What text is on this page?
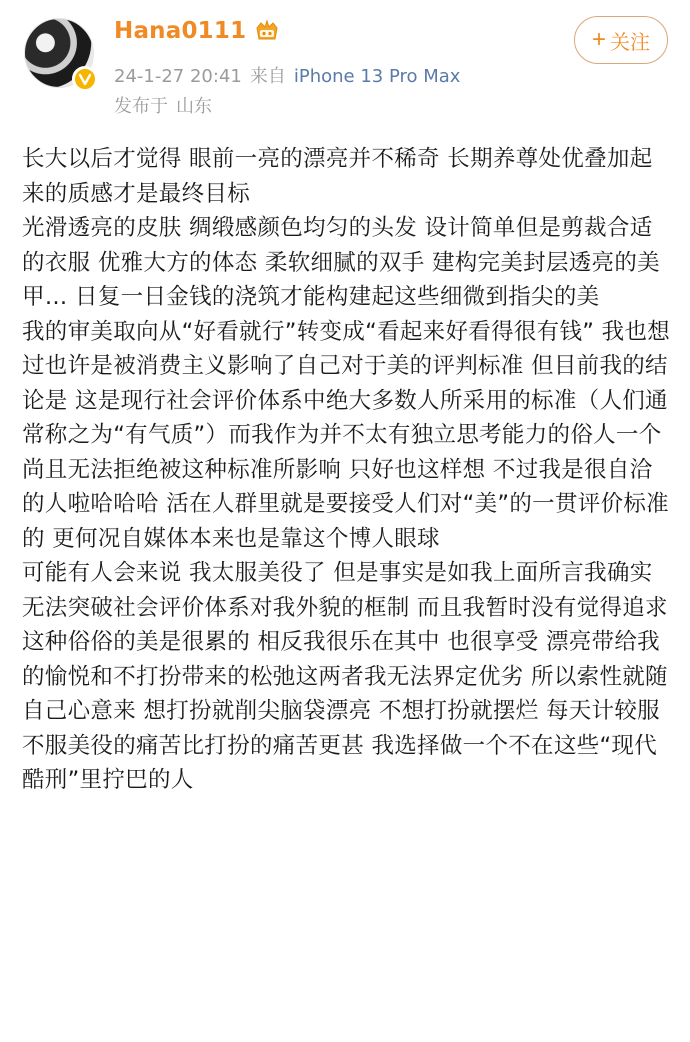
Hana0111
24-1-27 20:41 来自 iPhone 13 Pro Max
发布于 山东
+ 关注

长大以后才觉得 眼前一亮的漂亮并不稀奇 长期养尊处优叠加起来的质感才是最终目标

光滑透亮的皮肤 绸缎感颜色均匀的头发 设计简单但是剪裁合适的衣服 优雅大方的体态 柔软细腻的双手 建构完美封层透亮的美甲… 日复一日金钱的浇筑才能构建起这些细微到指尖的美

我的审美取向从“好看就行”转变成“看起来好看得很有钱” 我也想过也许是被消费主义影响了自己对于美的评判标准 但目前我的结论是 这是现行社会评价体系中绝大多数人所采用的标准（人们通常称之为“有气质”）而我作为并不太有独立思考能力的俗人一个 尚且无法拒绝被这种标准所影响 只好也这样想 不过我是很自洽的人啦哈哈哈 活在人群里就是要接受人们对“美”的一贯评价标准的 更何况自媒体本来也是靠这个博人眼球

可能有人会来说 我太服美役了 但是事实是如我上面所言我确实无法突破社会评价体系对我外貌的框制 而且我暂时没有觉得追求这种俗俗的美是很累的 相反我很乐在其中 也很享受 漂亮带给我的愉悦和不打扮带来的松弛这两者我无法界定优劣 所以索性就随自己心意来 想打扮就削尖脑袋漂亮 不想打扮就摆烂 每天计较服不服美役的痛苦比打扮的痛苦更甚 我选择做一个不在这些“现代酷刑”里拧巴的人
